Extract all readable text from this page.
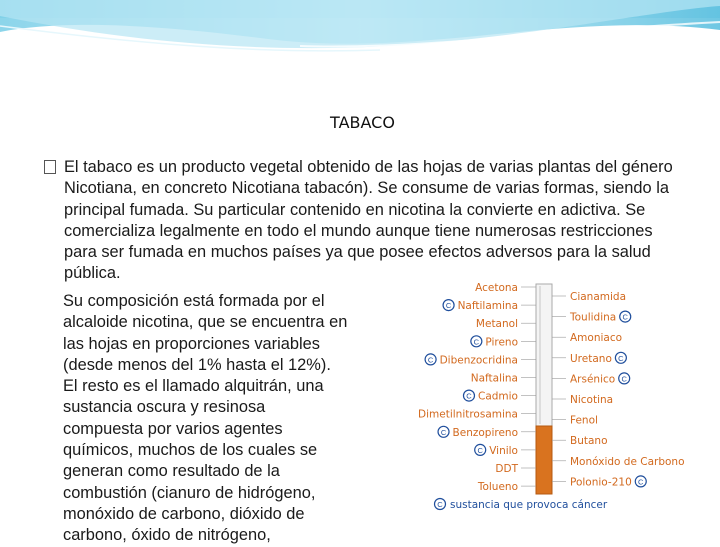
TABACO
El tabaco es un producto vegetal obtenido de las hojas de varias plantas del género Nicotiana, en concreto Nicotiana tabacón). Se consume de varias formas, siendo la principal fumada. Su particular contenido en nicotina la convierte en adictiva. Se comercializa legalmente en todo el mundo aunque tiene numerosas restricciones para ser fumada en muchos países ya que posee efectos adversos para la salud pública.
Su composición está formada por el
alcaloide nicotina, que se encuentra en
las hojas en proporciones variables
(desde menos del 1% hasta el 12%).
El resto es el llamado alquitrán, una
sustancia oscura y resinosa
compuesta por varios agentes
químicos, muchos de los cuales se
generan como resultado de la
combustión (cianuro de hidrógeno,
monóxido de carbono, dióxido de
carbono, óxido de nitrógeno,
Acetona
Naftilamina
C
Metanol
Pireno
C
Dibenzocridina
C
Naftalina
Cadmio
C
Dimetilnitrosamina
Benzopireno
C
Vinilo
C
DDT
Tolueno
Cianamida
Toulidina C
Amoniaco
Uretano C
Arsénico C
Nicotina
Fenol
Butano
Monóxido de Carbono
Polonio-210 C
C sustancia que provoca cáncer
